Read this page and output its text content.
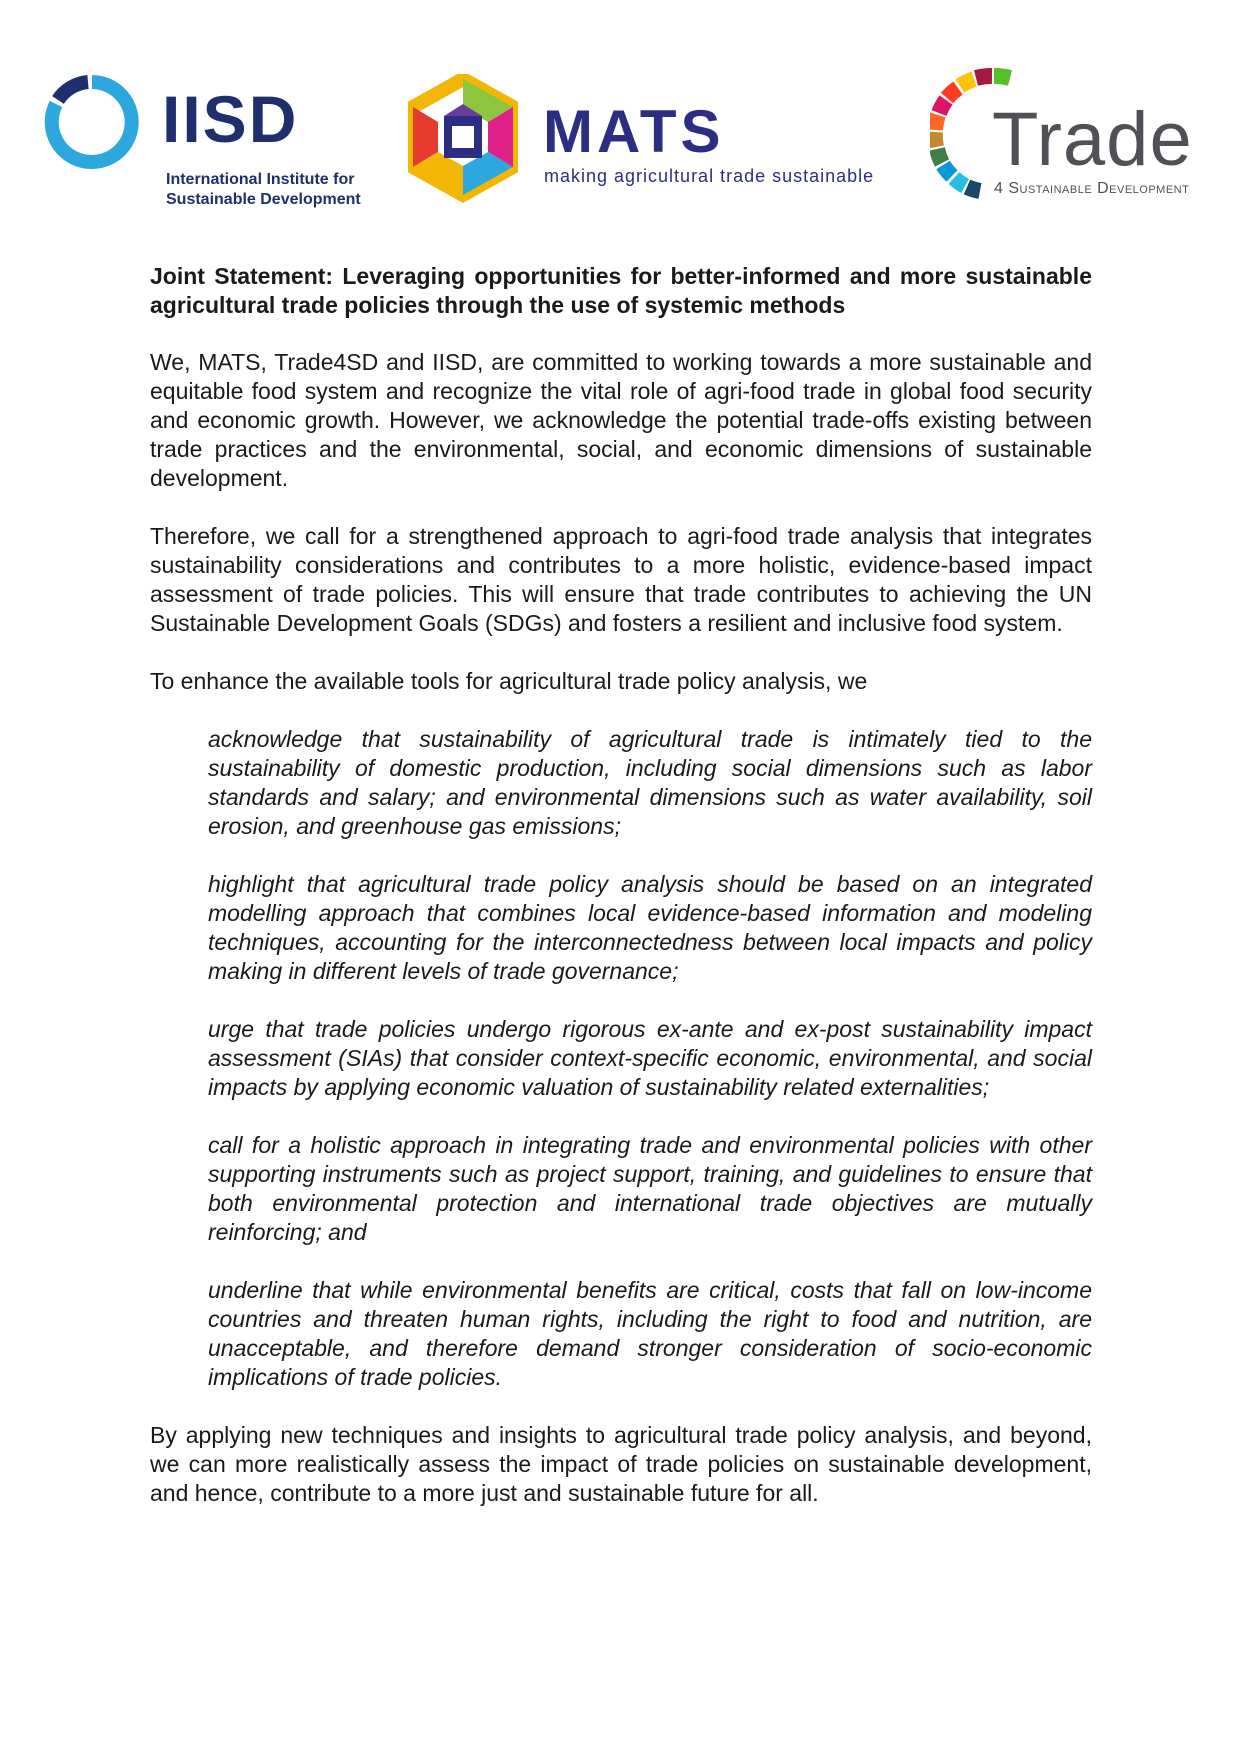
IISD
International Institute for
Sustainable Development
MATS
making agricultural trade sustainable Trade
4 Sustainable Development

Joint Statement: Leveraging opportunities for better-informed and more sustainable agricultural trade policies through the use of systemic methods

We, MATS, Trade4SD and IISD, are committed to working towards a more sustainable and equitable food system and recognize the vital role of agri-food trade in global food security and economic growth. However, we acknowledge the potential trade-offs existing between trade practices and the environmental, social, and economic dimensions of sustainable development.

Therefore, we call for a strengthened approach to agri-food trade analysis that integrates sustainability considerations and contributes to a more holistic, evidence-based impact assessment of trade policies. This will ensure that trade contributes to achieving the UN Sustainable Development Goals (SDGs) and fosters a resilient and inclusive food system.

To enhance the available tools for agricultural trade policy analysis, we

acknowledge that sustainability of agricultural trade is intimately tied to the sustainability of domestic production, including social dimensions such as labor standards and salary; and environmental dimensions such as water availability, soil erosion, and greenhouse gas emissions;
highlight that agricultural trade policy analysis should be based on an integrated modelling approach that combines local evidence-based information and modeling techniques, accounting for the interconnectedness between local impacts and policy making in different levels of trade governance;
urge that trade policies undergo rigorous ex-ante and ex-post sustainability impact assessment (SIAs) that consider context-specific economic, environmental, and social impacts by applying economic valuation of sustainability related externalities;
call for a holistic approach in integrating trade and environmental policies with other supporting instruments such as project support, training, and guidelines to ensure that both environmental protection and international trade objectives are mutually reinforcing; and
underline that while environmental benefits are critical, costs that fall on low-income countries and threaten human rights, including the right to food and nutrition, are unacceptable, and therefore demand stronger consideration of socio-economic implications of trade policies.

By applying new techniques and insights to agricultural trade policy analysis, and beyond, we can more realistically assess the impact of trade policies on sustainable development, and hence, contribute to a more just and sustainable future for all.
